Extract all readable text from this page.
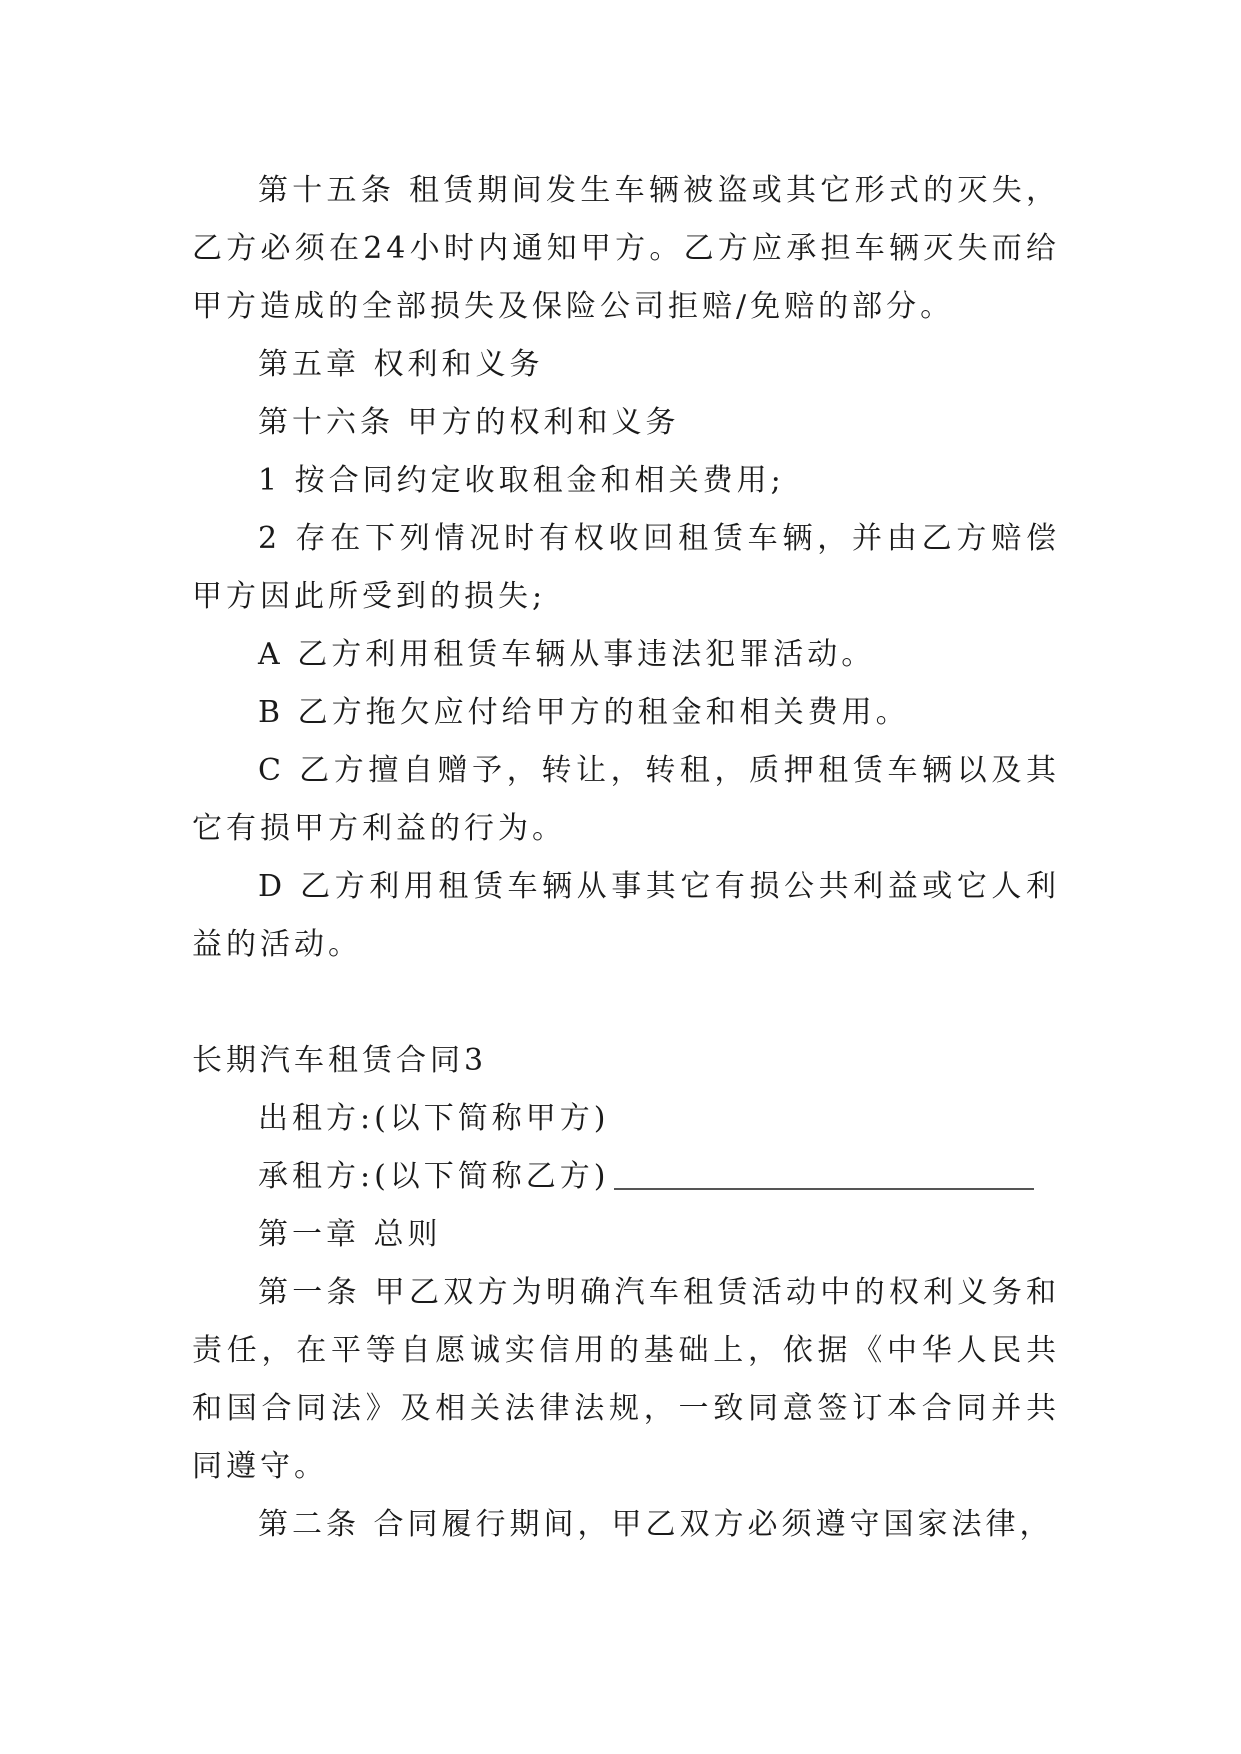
第十五条 租赁期间发生车辆被盗或其它形式的灭失，乙方必须在24小时内通知甲方。乙方应承担车辆灭失而给甲方造成的全部损失及保险公司拒赔/免赔的部分。

第五章 权利和义务

第十六条 甲方的权利和义务

1 按合同约定收取租金和相关费用;

2 存在下列情况时有权收回租赁车辆，并由乙方赔偿甲方因此所受到的损失;

A 乙方利用租赁车辆从事违法犯罪活动。

B 乙方拖欠应付给甲方的租金和相关费用。

C 乙方擅自赠予，转让，转租，质押租赁车辆以及其它有损甲方利益的行为。

D 乙方利用租赁车辆从事其它有损公共利益或它人利益的活动。

长期汽车租赁合同3

出租方:(以下简称甲方)

承租方:(以下简称乙方)

第一章 总则

第一条 甲乙双方为明确汽车租赁活动中的权利义务和责任，在平等自愿诚实信用的基础上，依据《中华人民共和国合同法》及相关法律法规，一致同意签订本合同并共同遵守。

第二条 合同履行期间，甲乙双方必须遵守国家法律，
